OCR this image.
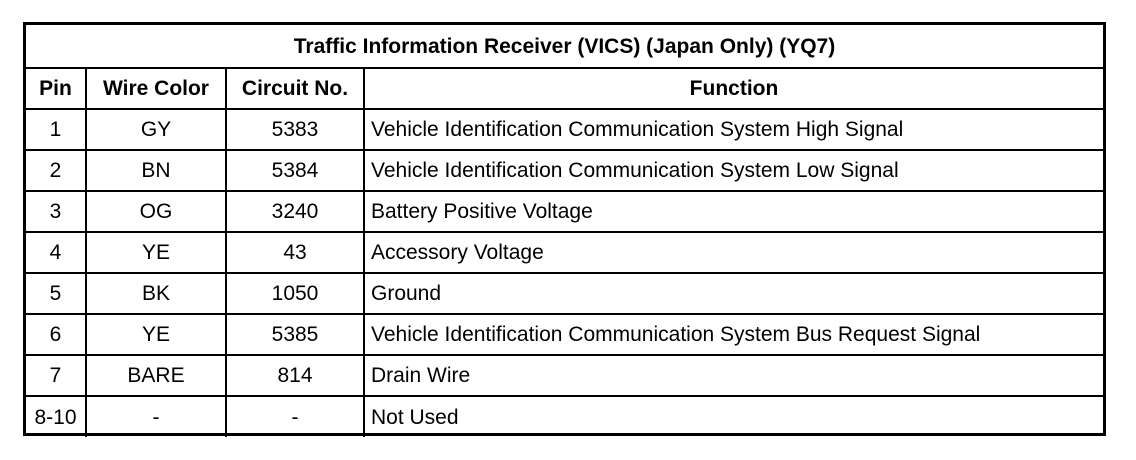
Traffic Information Receiver (VICS) (Japan Only) (YQ7)			
Pin	Wire Color	Circuit No.	Function
1	GY	5383	Vehicle Identification Communication System High Signal
2	BN	5384	Vehicle Identification Communication System Low Signal
3	OG	3240	Battery Positive Voltage
4	YE	43	Accessory Voltage
5	BK	1050	Ground
6	YE	5385	Vehicle Identification Communication System Bus Request Signal
7	BARE	814	Drain Wire
8-10	-	-	Not Used
